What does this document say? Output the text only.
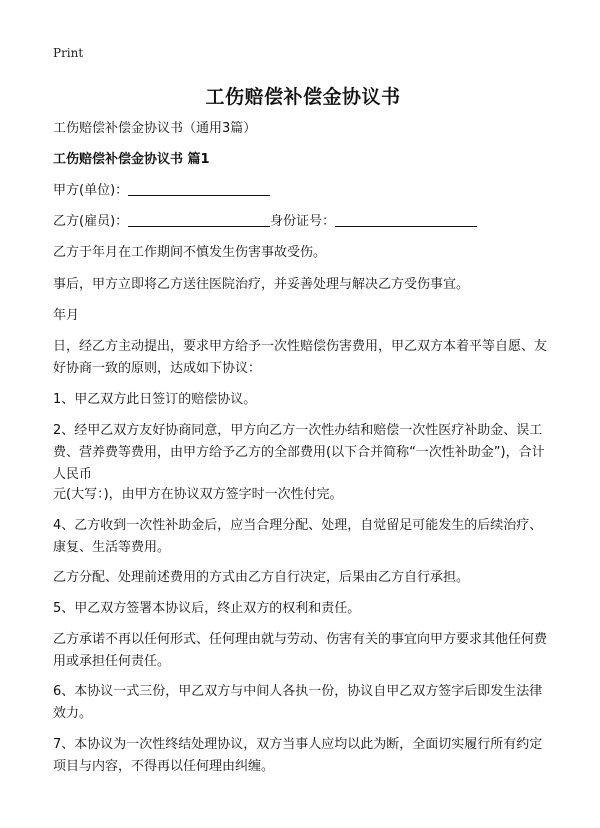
Print
工伤赔偿补偿金协议书

工伤赔偿补偿金协议书（通用3篇）

工伤赔偿补偿金协议书 篇1

甲方(单位)：
乙方(雇员)：	身份证号：

乙方于年月在工作期间不慎发生伤害事故受伤。

事后，甲方立即将乙方送往医院治疗，并妥善处理与解决乙方受伤事宜。

年月

日，经乙方主动提出，要求甲方给予一次性赔偿伤害费用，甲乙双方本着平等自愿、友好协商一致的原则，达成如下协议：

1、甲乙双方此日签订的赔偿协议。

2、经甲乙双方友好协商同意，甲方向乙方一次性办结和赔偿一次性医疗补助金、误工费、营养费等费用，由甲方给予乙方的全部费用(以下合并简称“一次性补助金”)，合计人民币

元(大写：)，由甲方在协议双方签字时一次性付完。

4、乙方收到一次性补助金后，应当合理分配、处理，自觉留足可能发生的后续治疗、康复、生活等费用。

乙方分配、处理前述费用的方式由乙方自行决定，后果由乙方自行承担。

5、甲乙双方签署本协议后，终止双方的权利和责任。

乙方承诺不再以任何形式、任何理由就与劳动、伤害有关的事宜向甲方要求其他任何费用或承担任何责任。

6、本协议一式三份，甲乙双方与中间人各执一份，协议自甲乙双方签字后即发生法律效力。

7、本协议为一次性终结处理协议，双方当事人应均以此为断，全面切实履行所有约定项目与内容，不得再以任何理由纠缠。
